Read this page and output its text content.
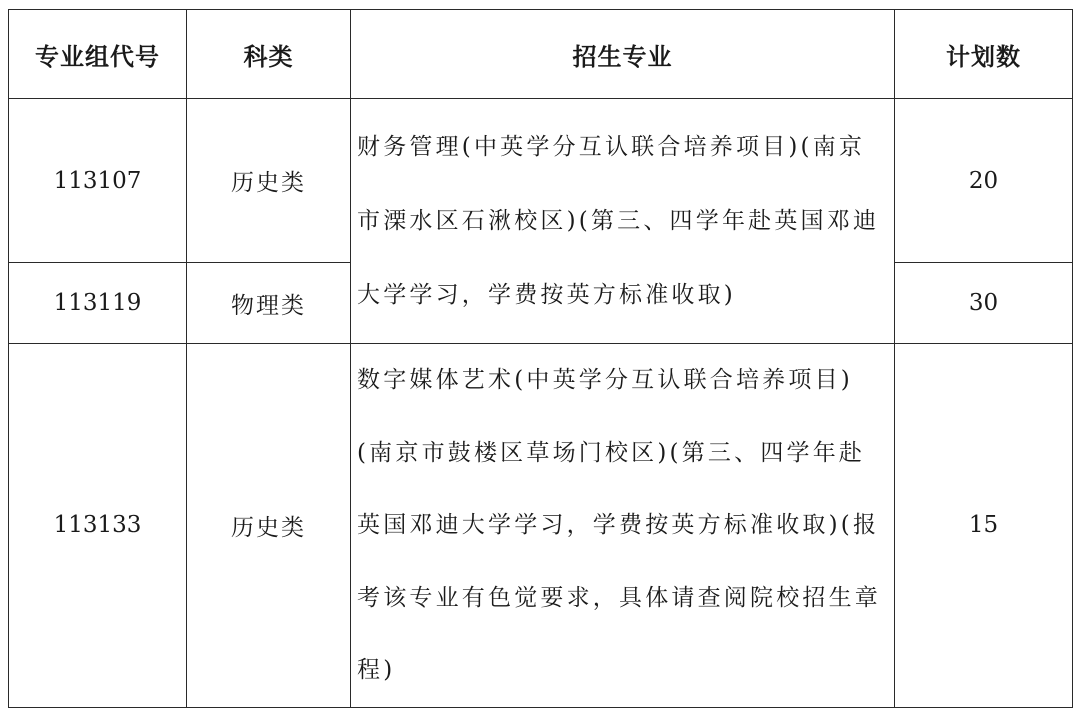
专业组代号	科类	招生专业	计划数
113107	历史类	财务管理(中英学分互认联合培养项目)(南京市溧水区石湫校区)(第三、四学年赴英国邓迪大学学习，学费按英方标准收取)	20
113119	物理类		30
113133	历史类	数字媒体艺术(中英学分互认联合培养项目)(南京市鼓楼区草场门校区)(第三、四学年赴英国邓迪大学学习，学费按英方标准收取)(报考该专业有色觉要求，具体请查阅院校招生章程)	15
